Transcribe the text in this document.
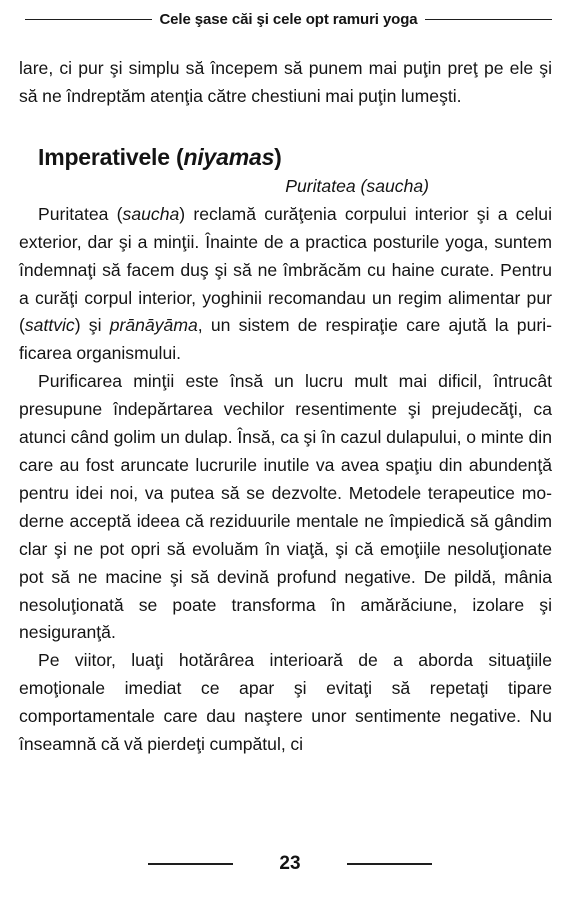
Cele şase căi şi cele opt ramuri yoga

lare, ci pur şi simplu să începem să punem mai puţin preţ pe ele şi să ne îndreptăm atenţia către chestiuni mai puţin lumeşti.

Imperativele (niyamas)
Puritatea (saucha)

Puritatea (saucha) reclamă curăţenia corpului interior şi a celui exterior, dar şi a minţii. Înainte de a practica posturile yoga, suntem îndemnaţi să facem duş şi să ne îmbrăcăm cu haine curate. Pentru a curăţi corpul interior, yoghinii recomandau un regim alimentar pur (sattvic) şi prānāyāma, un sistem de respiraţie care ajută la purificarea organismului.

Purificarea minţii este însă un lucru mult mai dificil, întrucât presupune îndepărtarea vechilor resentimente şi prejudecăţi, ca atunci când golim un dulap. Însă, ca şi în cazul dulapului, o minte din care au fost aruncate lucrurile inutile va avea spaţiu din abundenţă pentru idei noi, va putea să se dezvolte. Metodele terapeutice moderne acceptă ideea că reziduurile mentale ne împiedică să gândim clar şi ne pot opri să evoluăm în viaţă, şi că emoţiile nesoluţionate pot să ne macine şi să devină profund negative. De pildă, mânia nesoluţionată se poate transforma în amărăciune, izolare şi nesiguranţă.

Pe viitor, luaţi hotărârea interioară de a aborda situaţiile emoţionale imediat ce apar şi evitaţi să repetaţi tipare comportamentale care dau naştere unor sentimente negative. Nu înseamnă că vă pierdeţi cumpătul, ci

23
